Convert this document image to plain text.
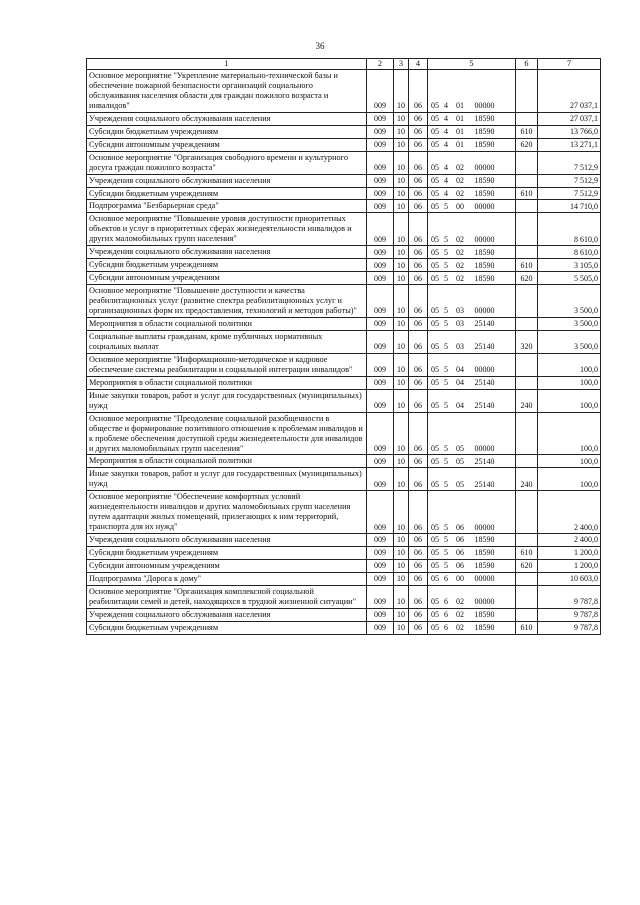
36
1	2	3	4	5	6	7
Основное мероприятие "Укрепление материально-технической базы и обеспечение пожарной безопасности организаций социального обслуживания населения области для граждан пожилого возраста и инвалидов"	009	10	06	05 4 01 00000		27 037,1
Учреждения социального обслуживания населения	009	10	06	05 4 01 18590		27 037,1
Субсидии бюджетным учреждениям	009	10	06	05 4 01 18590	610	13 766,0
Субсидии автономным учреждениям	009	10	06	05 4 01 18590	620	13 271,1
Основное мероприятие "Организация свободного времени и культурного досуга граждан пожилого возраста"	009	10	06	05 4 02 00000		7 512,9
Учреждения социального обслуживания населения	009	10	06	05 4 02 18590		7 512,9
Субсидии бюджетным учреждениям	009	10	06	05 4 02 18590	610	7 512,9
Подпрограмма "Безбарьерная среда"	009	10	06	05 5 00 00000		14 710,0
Основное мероприятие "Повышение уровня доступности приоритетных объектов и услуг в приоритетных сферах жизнедеятельности инвалидов и других маломобильных групп населения"	009	10	06	05 5 02 00000		8 610,0
Учреждения социального обслуживания населения	009	10	06	05 5 02 18590		8 610,0
Субсидии бюджетным учреждениям	009	10	06	05 5 02 18590	610	3 105,0
Субсидии автономным учреждениям	009	10	06	05 5 02 18590	620	5 505,0
Основное мероприятие "Повышение доступности и качества реабилитационных услуг (развитие спектра реабилитационных услуг и организационных форм их предоставления, технологий и методов работы)"	009	10	06	05 5 03 00000		3 500,0
Мероприятия в области социальной политики	009	10	06	05 5 03 25140		3 500,0
Социальные выплаты гражданам, кроме публичных нормативных социальных выплат	009	10	06	05 5 03 25140	320	3 500,0
Основное мероприятие "Информационно-методическое и кадровое обеспечение системы реабилитации и социальной интеграции инвалидов"	009	10	06	05 5 04 00000		100,0
Мероприятия в области социальной политики	009	10	06	05 5 04 25140		100,0
Иные закупки товаров, работ и услуг для государственных (муниципальных) нужд	009	10	06	05 5 04 25140	240	100,0
Основное мероприятие "Преодоление социальной разобщенности в обществе и формирование позитивного отношения к проблемам инвалидов и к проблеме обеспечения доступной среды жизнедеятельности для инвалидов и других маломобильных групп населения"	009	10	06	05 5 05 00000		100,0
Мероприятия в области социальной политики	009	10	06	05 5 05 25140		100,0
Иные закупки товаров, работ и услуг для государственных (муниципальных) нужд	009	10	06	05 5 05 25140	240	100,0
Основное мероприятие "Обеспечение комфортных условий жизнедеятельности инвалидов и других маломобильных групп населения путем адаптации жилых помещений, прилегающих к ним территорий, транспорта для их нужд"	009	10	06	05 5 06 00000		2 400,0
Учреждения социального обслуживания населения	009	10	06	05 5 06 18590		2 400,0
Субсидии бюджетным учреждениям	009	10	06	05 5 06 18590	610	1 200,0
Субсидии автономным учреждениям	009	10	06	05 5 06 18590	620	1 200,0
Подпрограмма "Дорога к дому"	009	10	06	05 6 00 00000		10 603,0
Основное мероприятие "Организация комплексной социальной реабилитации семей и детей, находящихся в трудной жизненной ситуации"	009	10	06	05 6 02 00000		9 787,8
Учреждения социального обслуживания населения	009	10	06	05 6 02 18590		9 787,8
Субсидии бюджетным учреждениям	009	10	06	05 6 02 18590	610	9 787,8
